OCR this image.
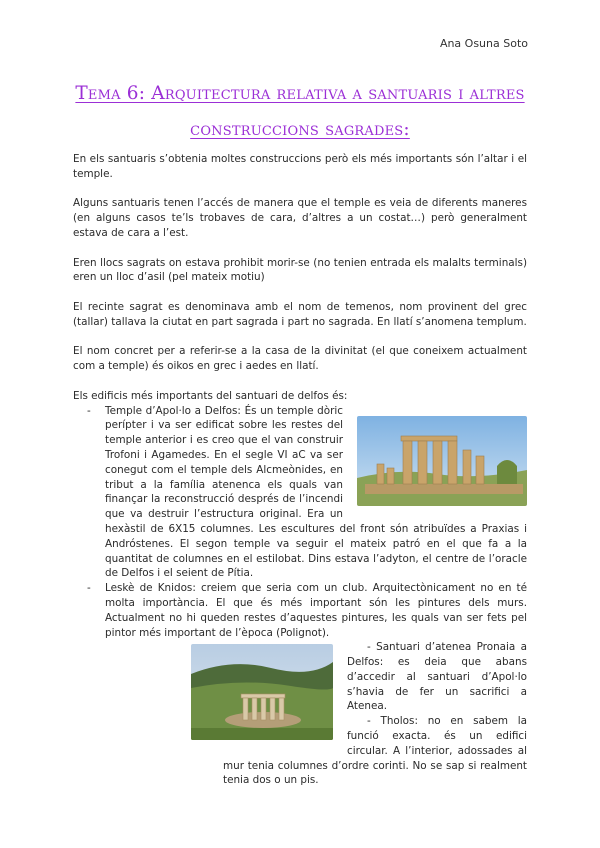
Ana Osuna Soto
Tema 6: Arquitectura relativa a santuaris i altres construccions sagrades:

En els santuaris s’obtenia moltes construccions però els més importants són l’altar i el temple.

Alguns santuaris tenen l’accés de manera que el temple es veia de diferents maneres (en alguns casos te’ls trobaves de cara, d’altres a un costat…) però generalment estava de cara a l’est.

Eren llocs sagrats on estava prohibit morir-se (no tenien entrada els malalts terminals) eren un lloc d’asil (pel mateix motiu)

El recinte sagrat es denominava amb el nom de temenos, nom provinent del grec (tallar) tallava la ciutat en part sagrada i part no sagrada. En llatí s’anomena templum.

El nom concret per a referir-se a la casa de la divinitat (el que coneixem actualment com a temple) és oikos en grec i aedes en llatí.

Els edificis més importants del santuari de delfos és:

- Temple d’Apol·lo a Delfos: És un temple dòric perípter i va ser edificat sobre les restes del temple anterior i es creo que el van construir Trofoni i Agamedes. En el segle VI aC va ser conegut com el temple dels Alcmeònides, en tribut a la família atenenca els quals van finançar la reconstrucció després de l’incendi que va destruir l’estructura original. Era un hexàstil de 6X15 columnes. Les escultures del front són atribuïdes a Praxias i Andróstenes. El segon temple va seguir el mateix patró en el que fa a la quantitat de columnes en el estilobat. Dins estava l’adyton, el centre de l’oracle de Delfos i el seient de Pítia.
- Leskè de Knidos: creiem que seria com un club. Arquitectònicament no en té molta importància. El que és més important són les pintures dels murs. Actualment no hi queden restes d’aquestes pintures, les quals van ser fets pel pintor més important de l’època (Polignot).
- Santuari d’atenea Pronaia a Delfos: es deia que abans d’accedir al santuari d’Apol·lo s’havia de fer un sacrifici a Atenea.
- Tholos: no en sabem la funció exacta. és un edifici circular. A l’interior, adossades al mur tenia columnes d’ordre corinti. No se sap si realment tenia dos o un pis.
